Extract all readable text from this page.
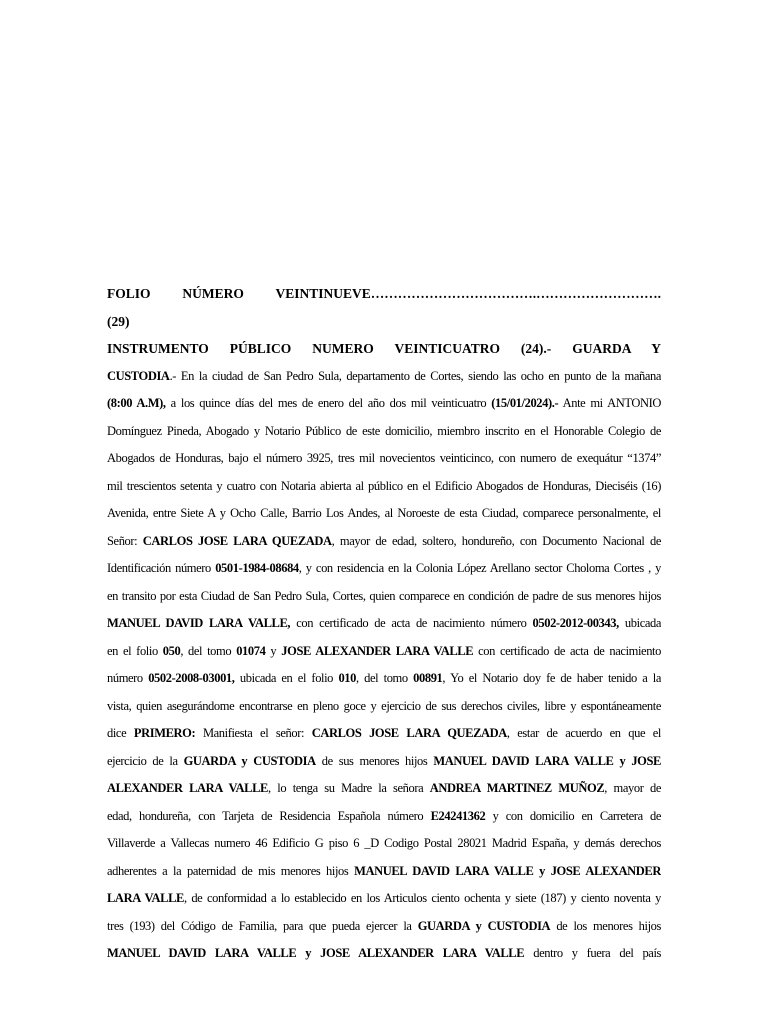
FOLIO NÚMERO VEINTINUEVE……………………………….……………………….
(29)
INSTRUMENTO PÚBLICO NUMERO VEINTICUATRO (24).- GUARDA Y
CUSTODIA.- En la ciudad de San Pedro Sula, departamento de Cortes, siendo las ocho en punto de la mañana
(8:00 A.M), a los quince días del mes de enero del año dos mil veinticuatro (15/01/2024).- Ante mi ANTONIO
Domínguez Pineda, Abogado y Notario Público de este domicilio, miembro inscrito en el Honorable Colegio de
Abogados de Honduras, bajo el número 3925, tres mil novecientos veinticinco, con numero de exequátur “1374”
mil trescientos setenta y cuatro con Notaria abierta al público en el Edificio Abogados de Honduras, Dieciséis (16)
Avenida, entre Siete A y Ocho Calle, Barrio Los Andes, al Noroeste de esta Ciudad, comparece personalmente, el
Señor: CARLOS JOSE LARA QUEZADA, mayor de edad, soltero, hondureño, con Documento Nacional de
Identificación número 0501-1984-08684, y con residencia en la Colonia López Arellano sector Choloma Cortes , y
en transito por esta Ciudad de San Pedro Sula, Cortes, quien comparece en condición de padre de sus menores hijos
MANUEL DAVID LARA VALLE, con certificado de acta de nacimiento número 0502-2012-00343, ubicada
en el folio 050, del tomo 01074 y JOSE ALEXANDER LARA VALLE con certificado de acta de nacimiento
número 0502-2008-03001, ubicada en el folio 010, del tomo 00891, Yo el Notario doy fe de haber tenido a la
vista, quien asegurándome encontrarse en pleno goce y ejercicio de sus derechos civiles, libre y espontáneamente
dice PRIMERO: Manifiesta el señor: CARLOS JOSE LARA QUEZADA, estar de acuerdo en que el
ejercicio de la GUARDA y CUSTODIA de sus menores hijos MANUEL DAVID LARA VALLE y JOSE
ALEXANDER LARA VALLE, lo tenga su Madre la señora ANDREA MARTINEZ MUÑOZ, mayor de
edad, hondureña, con Tarjeta de Residencia Española número E24241362 y con domicilio en Carretera de
Villaverde a Vallecas numero 46 Edificio G piso 6 _D Codigo Postal 28021 Madrid España, y demás derechos
adherentes a la paternidad de mis menores hijos MANUEL DAVID LARA VALLE y JOSE ALEXANDER
LARA VALLE, de conformidad a lo establecido en los Articulos ciento ochenta y siete (187) y ciento noventa y
tres (193) del Código de Familia, para que pueda ejercer la GUARDA y CUSTODIA de los menores hijos
MANUEL DAVID LARA VALLE y JOSE ALEXANDER LARA VALLE dentro y fuera del país
